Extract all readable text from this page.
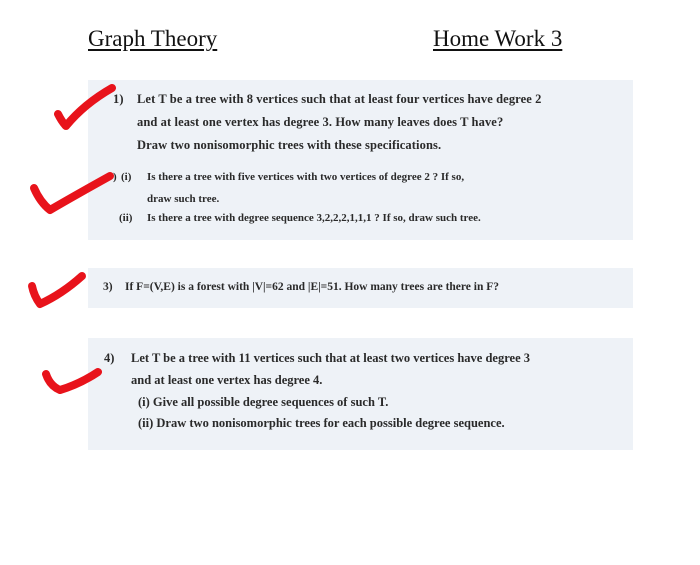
Graph Theory	Home Work 3
1) Let T be a tree with 8 vertices such that at least four vertices have degree 2
and at least one vertex has degree 3. How many leaves does T have?
Draw two nonisomorphic trees with these specifications.
) (i) Is there a tree with five vertices with two vertices of degree 2 ? If so,
draw such tree.
(ii) Is there a tree with degree sequence 3,2,2,2,1,1,1 ? If so, draw such tree.
3) If F=(V,E) is a forest with |V|=62 and |E|=51. How many trees are there in F?
4) Let T be a tree with 11 vertices such that at least two vertices have degree 3
and at least one vertex has degree 4.
(i) Give all possible degree sequences of such T.
(ii) Draw two nonisomorphic trees for each possible degree sequence.
